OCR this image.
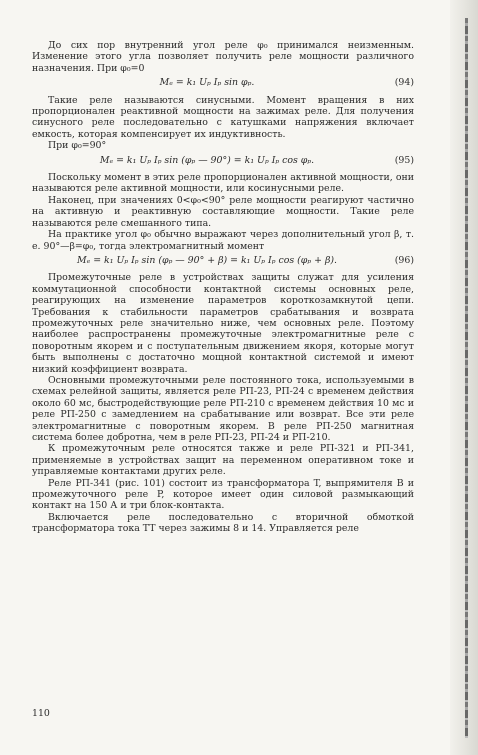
До сих пор внутренний угол реле φ₀ принимался неизменным. Изменение этого угла позволяет получить реле мощности различного назначения. При φ₀=0

Mₑ = k₁ Uₚ Iₚ sin φₚ.	(94)

Такие реле называются синусными. Момент вращения в них пропорционален реактивной мощности на зажимах реле. Для получения синусного реле последовательно с катушками напряжения включает емкость, которая компенсирует их индуктивность.

При φ₀=90°

Mₑ = k₁ Uₚ Iₚ sin (φₚ — 90°) = k₁ Uₚ Iₚ cos φₚ.	(95)

Поскольку момент в этих реле пропорционален активной мощности, они называются реле активной мощности, или косинусными реле.

Наконец, при значениях 0<φ₀<90° реле мощности реагируют частично на активную и реактивную составляющие мощности. Такие реле называются реле смешанного типа.

На практике угол φ₀ обычно выражают через дополнительный угол β, т. е. 90°—β=φ₀, тогда электромагнитный момент

Mₑ = k₁ Uₚ Iₚ sin (φₚ — 90° + β) = k₁ Uₚ Iₚ cos (φₚ + β).	(96)

Промежуточные реле в устройствах защиты служат для усиления коммутационной способности контактной системы основных реле, реагирующих на изменение параметров короткозамкнутой цепи. Требования к стабильности параметров срабатывания и возврата промежуточных реле значительно ниже, чем основных реле. Поэтому наиболее распространены промежуточные электромагнитные реле с поворотным якорем и с поступательным движением якоря, которые могут быть выполнены с достаточно мощной контактной системой и имеют низкий коэффициент возврата.

Основными промежуточными реле постоянного тока, используемыми в схемах релейной защиты, является реле РП-23, РП-24 с временем действия около 60 мс, быстродействующие реле РП-210 с временем действия 10 мс и реле РП-250 с замедлением на срабатывание или возврат. Все эти реле электромагнитные с поворотным якорем. В реле РП-250 магнитная система более добротна, чем в реле РП-23, РП-24 и РП-210.

К промежуточным реле относятся также и реле РП-321 и РП-341, применяемые в устройствах защит на переменном оперативном токе и управляемые контактами других реле.

Реле РП-341 (рис. 101) состоит из трансформатора T, выпрямителя B и промежуточного реле P, которое имеет один силовой размыкающий контакт на 150 А и три блок-контакта.

Включается реле последовательно с вторичной обмоткой трансформатора тока TT через зажимы 8 и 14. Управляется реле

110
